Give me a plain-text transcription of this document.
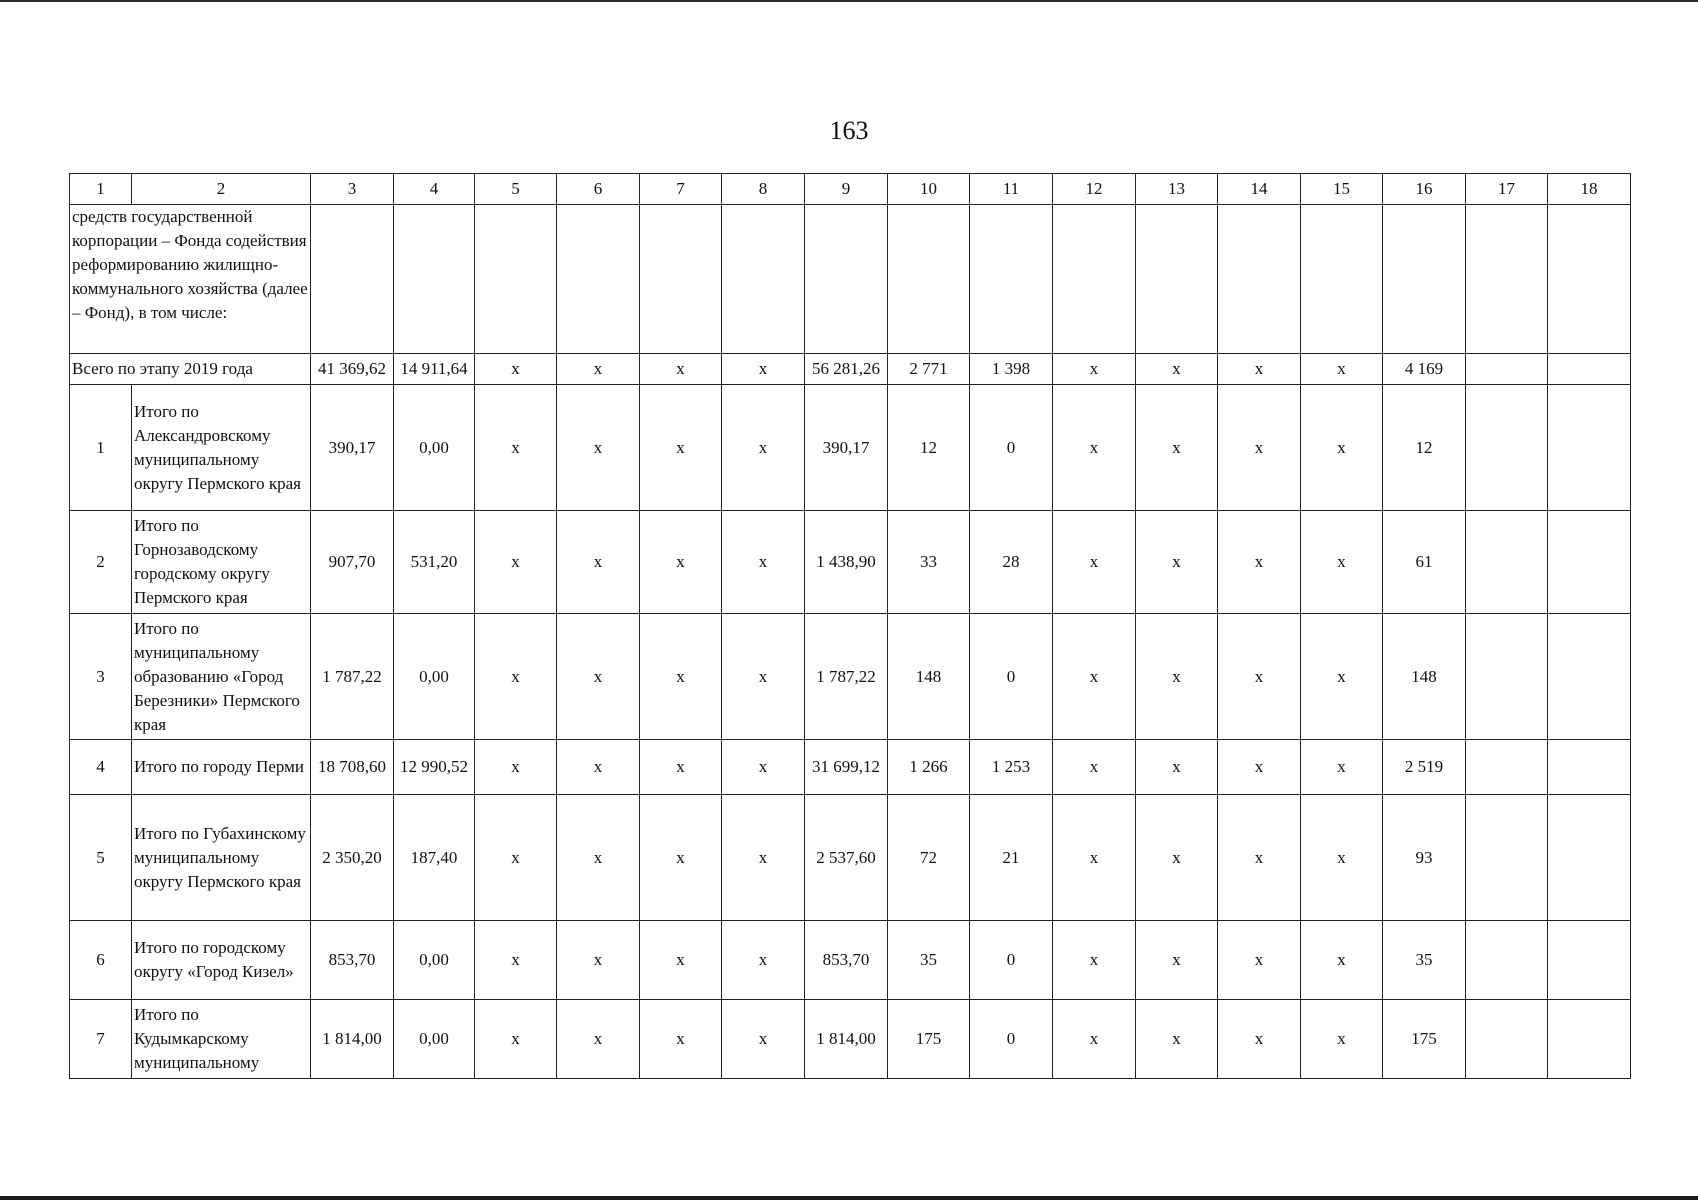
163
1	2	3	4	5	6	7	8	9	10	11	12	13	14	15	16	17	18
средств государственной корпорации – Фонда содействия реформированию жилищно-коммунального хозяйства (далее – Фонд), в том числе:																	
Всего по этапу 2019 года		41 369,62	14 911,64	x	x	x	x	56 281,26	2 771	1 398	x	x	x	x	4 169		
1	Итого по Александровскому муниципальному округу Пермского края	390,17	0,00	x	x	x	x	390,17	12	0	x	x	x	x	12		
2	Итого по Горнозаводскому городскому округу Пермского края	907,70	531,20	x	x	x	x	1 438,90	33	28	x	x	x	x	61		
3	Итого по муниципальному образованию «Город Березники» Пермского края	1 787,22	0,00	x	x	x	x	1 787,22	148	0	x	x	x	x	148		
4	Итого по городу Перми	18 708,60	12 990,52	x	x	x	x	31 699,12	1 266	1 253	x	x	x	x	2 519		
5	Итого по Губахинскому муниципальному округу Пермского края	2 350,20	187,40	x	x	x	x	2 537,60	72	21	x	x	x	x	93		
6	Итого по городскому округу «Город Кизел»	853,70	0,00	x	x	x	x	853,70	35	0	x	x	x	x	35		
7	Итого по Кудымкарскому муниципальному	1 814,00	0,00	x	x	x	x	1 814,00	175	0	x	x	x	x	175		
